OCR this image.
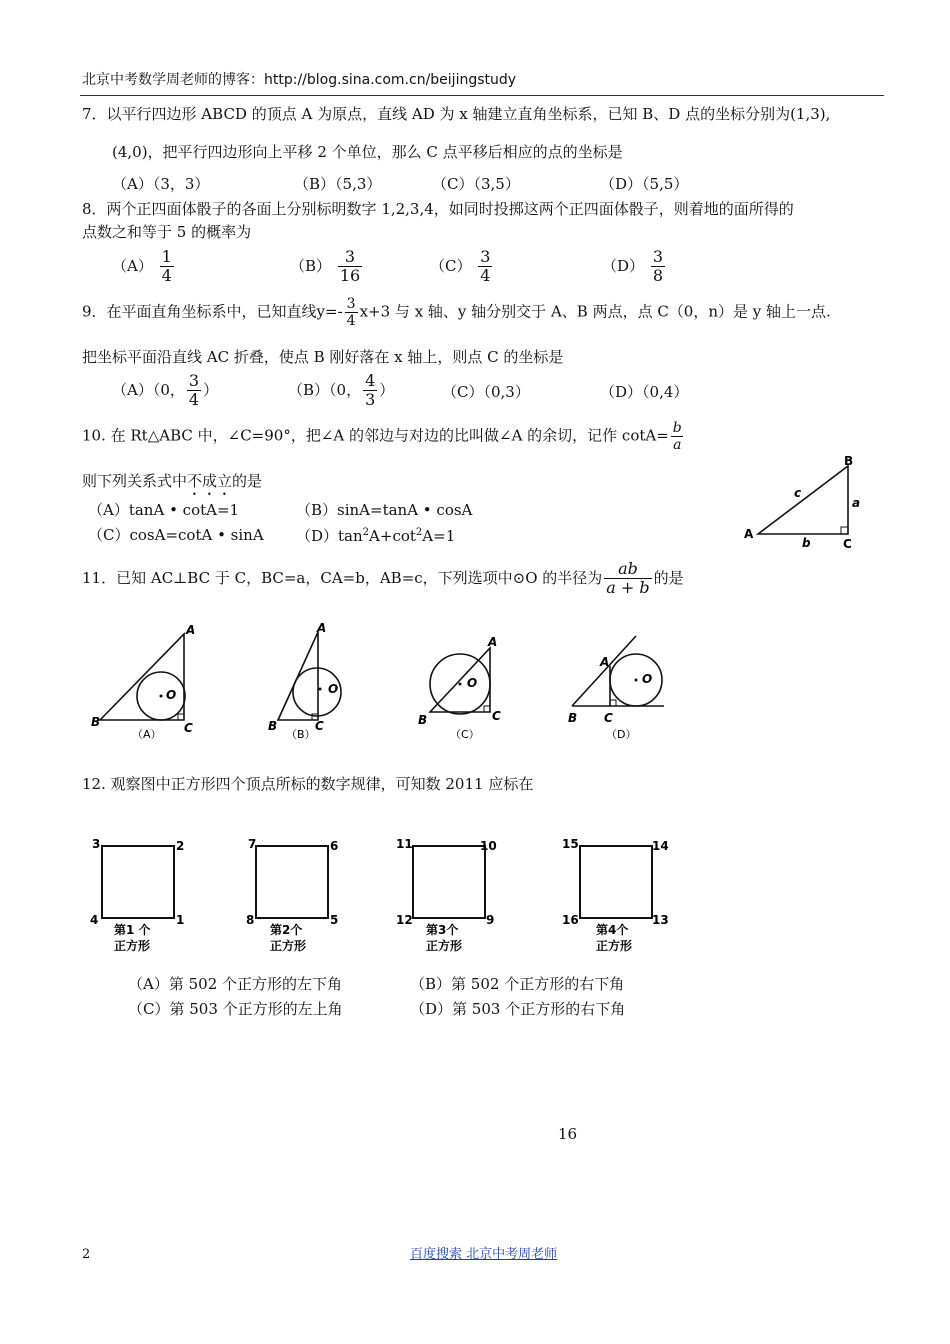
北京中考数学周老师的博客：http://blog.sina.com.cn/beijingstudy
7．以平行四边形 ABCD 的顶点 A 为原点，直线 AD 为 x 轴建立直角坐标系，已知 B、D 点的坐标分别为(1,3),
(4,0)，把平行四边形向上平移 2 个单位，那么 C 点平移后相应的点的坐标是
（A）（3，3）	（B）（5,3）	（C）（3,5）	（D）（5,5）
8．两个正四面体骰子的各面上分别标明数字 1,2,3,4，如同时投掷这两个正四面体骰子，则着地的面所得的
点数之和等于 5 的概率为
$(A) \frac{1}{4}$	$(B) \frac{3}{16}$	$(C) \frac{3}{4}$	$(D) \frac{3}{8}$
9．在平面直角坐标系中，已知直线$y=- \frac{3}{4} x+3$ 与 x 轴、y 轴分别交于 A、B 两点，点 C（0，n）是 y 轴上一点.
把坐标平面沿直线 AC 折叠，使点 B 刚好落在 x 轴上，则点 C 的坐标是
（A）（0， $\frac{3}{4}$ ）	（B）（0， $\frac{4}{3}$ ）	（C）（0,3）	（D）（0,4）
10. 在 Rt△ABC 中，∠C=90°，把∠A 的邻边与对边的比叫做∠A 的余切，记作 $\cot A= \frac{b}{a}$
则下列关系式中不成立的是
（A）tanA • cotA=1	（B）sinA=tanA • cosA
（C）cosA=cotA • sinA $(D)\tan^2A+\cot^2A=1$	A
B
C
a
b
c
11．已知 AC⊥BC 于 C，BC=a，CA=b，AB=c，下列选项中⊙O 的半径为 $\frac{ab}{a + b}$ 的是
B
A
C
O
（A）
B
A
C
O
（B）
B
A
C
O
（C）
B
A
C
O
（D）
12. 观察图中正方形四个顶点所标的数字规律，可知数 2011 应标在
3	2
4	1
第1 个
正方形
7	6
8	5
第2个
正方形
11	10
12	9
第3个
正方形
15	14
16	13
第4个
正方形
（A）第 502 个正方形的左下角	（B）第 502 个正方形的右下角
（C）第 503 个正方形的左上角	（D）第 503 个正方形的右下角
16
2	百度搜索 北京中考周老师
